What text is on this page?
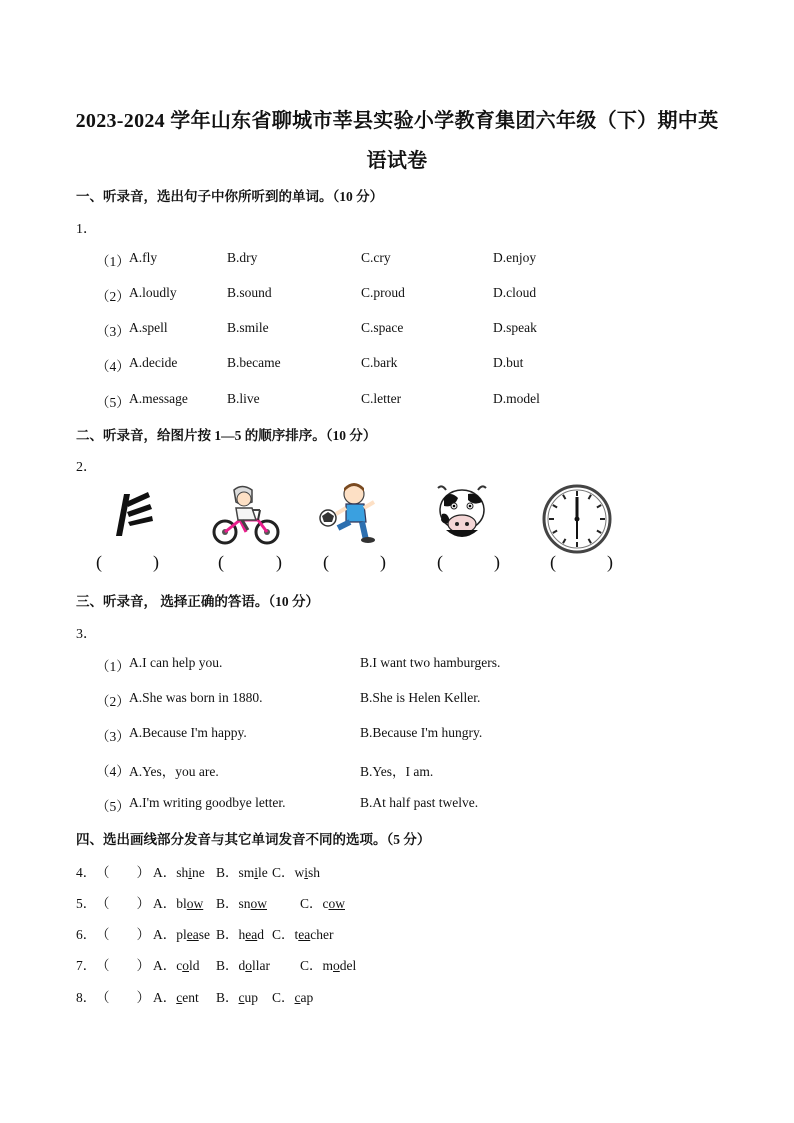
2023-2024 学年山东省聊城市莘县实验小学教育集团六年级（下）期中英
语试卷
一、听录音，选出句子中你所听到的单词。（10 分）
1．
（1） A.fly	B.dry	C.cry	D.enjoy
（2） A.loudly	B.sound	C.proud	D.cloud
（3） A.spell	B.smile	C.space	D.speak
（4） A.decide	B.became	C.bark	D.but
（5） A.message	B.live	C.letter	D.model
二、听录音，给图片按 1—5 的顺序排序。（10 分）
2．
(	)	(	) (	)	(	)	(	)
三、听录音， 选择正确的答语。（10 分）
3．
（1） A.I can help you.	B.I want two hamburgers.
（2） A.She was born in 1880.	B.She is Helen Keller.
（3） A.Because I'm happy.	B.Because I'm hungry.
（4） A.Yes，you are.	B.Yes，I am.
（5） A.I'm writing goodbye letter.	B.At half past twelve.
四、选出画线部分发音与其它单词发音不同的选项。（5 分）
4． （　　） A．shine B．smile C．wish
5． （　　） A．blow B．snow C．cow
6． （　　） A．please B．head C．teacher
7． （　　） A．cold B．dollar C．model
8． （　　） A．cent B．cup C．cap
